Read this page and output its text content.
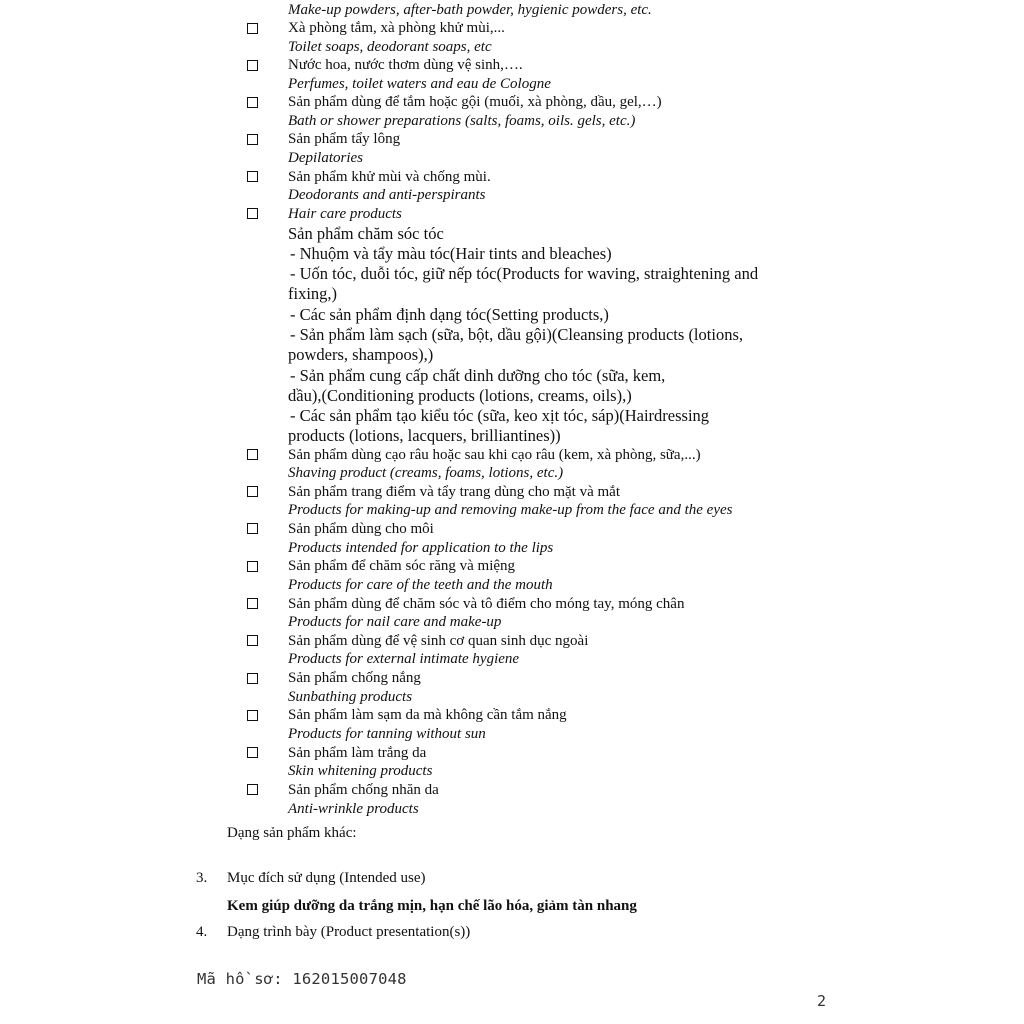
Make-up powders, after-bath powder, hygienic powders, etc.
Xà phòng tắm, xà phòng khử mùi,...
Toilet soaps, deodorant soaps, etc
Nước hoa, nước thơm dùng vệ sinh,….
Perfumes, toilet waters and eau de Cologne
Sản phẩm dùng để tắm hoặc gội (muối, xà phòng, dầu, gel,…)
Bath or shower preparations (salts, foams, oils. gels, etc.)
Sản phẩm tẩy lông
Depilatories
Sản phẩm khử mùi và chống mùi.
Deodorants and anti-perspirants
Hair care products
Sản phẩm chăm sóc tóc
- Nhuộm và tẩy màu tóc(Hair tints and bleaches)
- Uốn tóc, duỗi tóc, giữ nếp tóc(Products for waving, straightening and
fixing,)
- Các sản phẩm định dạng tóc(Setting products,)
- Sản phẩm làm sạch (sữa, bột, dầu gội)(Cleansing products (lotions,
powders, shampoos),)
- Sản phẩm cung cấp chất dinh dưỡng cho tóc (sữa, kem,
dầu),(Conditioning products (lotions, creams, oils),)
- Các sản phẩm tạo kiểu tóc (sữa, keo xịt tóc, sáp)(Hairdressing
products (lotions, lacquers, brilliantines))
Sản phẩm dùng cạo râu hoặc sau khi cạo râu (kem, xà phòng, sữa,...)
Shaving product (creams, foams, lotions, etc.)
Sản phẩm trang điểm và tẩy trang dùng cho mặt và mắt
Products for making-up and removing make-up from the face and the eyes
Sản phẩm dùng cho môi
Products intended for application to the lips
Sản phẩm để chăm sóc răng và miệng
Products for care of the teeth and the mouth
Sản phẩm dùng để chăm sóc và tô điểm cho móng tay, móng chân
Products for nail care and make-up
Sản phẩm dùng để vệ sinh cơ quan sinh dục ngoài
Products for external intimate hygiene
Sản phẩm chống nắng
Sunbathing products
Sản phẩm làm sạm da mà không cần tắm nắng
Products for tanning without sun
Sản phẩm làm trắng da
Skin whitening products
Sản phẩm chống nhăn da
Anti-wrinkle products
Dạng sản phẩm khác:
3. Mục đích sử dụng (Intended use)
Kem giúp dưỡng da trắng mịn, hạn chế lão hóa, giảm tàn nhang
4. Dạng trình bày (Product presentation(s))
Mã hồ sơ: 162015007048
2
